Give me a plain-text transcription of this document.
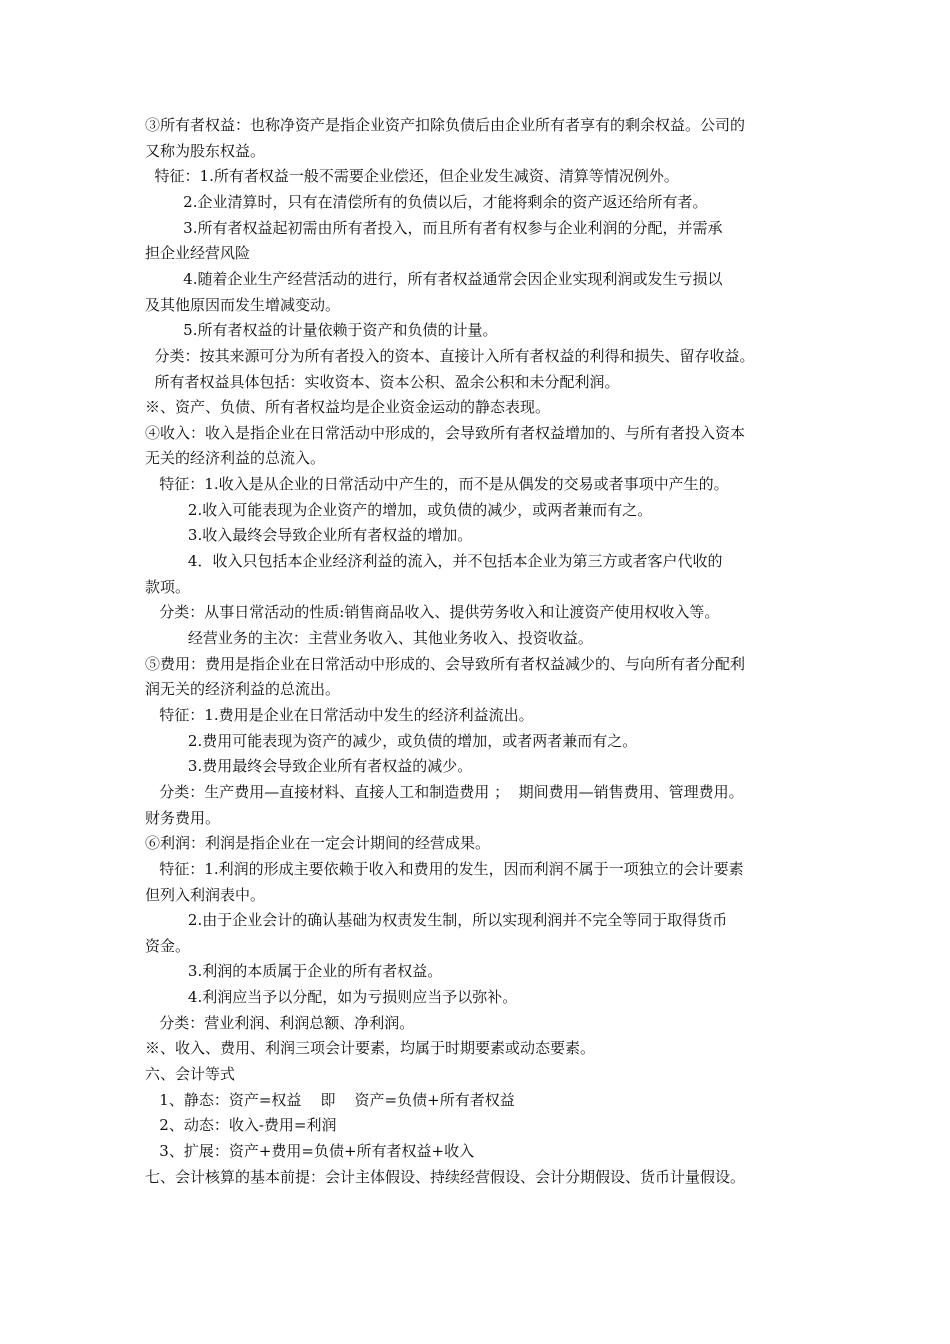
③所有者权益：也称净资产是指企业资产扣除负债后由企业所有者享有的剩余权益。公司的
又称为股东权益。
特征：1.所有者权益一般不需要企业偿还，但企业发生减资、清算等情况例外。
2.企业清算时，只有在清偿所有的负债以后，才能将剩余的资产返还给所有者。
3.所有者权益起初需由所有者投入，而且所有者有权参与企业利润的分配，并需承
担企业经营风险
4.随着企业生产经营活动的进行，所有者权益通常会因企业实现利润或发生亏损以
及其他原因而发生增减变动。
5.所有者权益的计量依赖于资产和负债的计量。
分类：按其来源可分为所有者投入的资本、直接计入所有者权益的利得和损失、留存收益。
所有者权益具体包括：实收资本、资本公积、盈余公积和未分配利润。
※、资产、负债、所有者权益均是企业资金运动的静态表现。
④收入：收入是指企业在日常活动中形成的，会导致所有者权益增加的、与所有者投入资本
无关的经济利益的总流入。
特征：1.收入是从企业的日常活动中产生的，而不是从偶发的交易或者事项中产生的。
2.收入可能表现为企业资产的增加，或负债的减少，或两者兼而有之。
3.收入最终会导致企业所有者权益的增加。
4．收入只包括本企业经济利益的流入，并不包括本企业为第三方或者客户代收的
款项。
分类：从事日常活动的性质:销售商品收入、提供劳务收入和让渡资产使用权收入等。
经营业务的主次：主营业务收入、其他业务收入、投资收益。
⑤费用：费用是指企业在日常活动中形成的、会导致所有者权益减少的、与向所有者分配利
润无关的经济利益的总流出。
特征：1.费用是企业在日常活动中发生的经济利益流出。
2.费用可能表现为资产的减少，或负债的增加，或者两者兼而有之。
3.费用最终会导致企业所有者权益的减少。
分类：生产费用—直接材料、直接人工和制造费用 ；  期间费用—销售费用、管理费用。
财务费用。
⑥利润：利润是指企业在一定会计期间的经营成果。
特征：1.利润的形成主要依赖于收入和费用的发生，因而利润不属于一项独立的会计要素
但列入利润表中。
2.由于企业会计的确认基础为权责发生制，所以实现利润并不完全等同于取得货币
资金。
3.利润的本质属于企业的所有者权益。
4.利润应当予以分配，如为亏损则应当予以弥补。
分类：营业利润、利润总额、净利润。
※、收入、费用、利润三项会计要素，均属于时期要素或动态要素。
六、会计等式
1、静态：资产=权益    即    资产=负债+所有者权益
2、动态：收入-费用=利润
3、扩展：资产+费用=负债+所有者权益+收入
七、会计核算的基本前提：会计主体假设、持续经营假设、会计分期假设、货币计量假设。
